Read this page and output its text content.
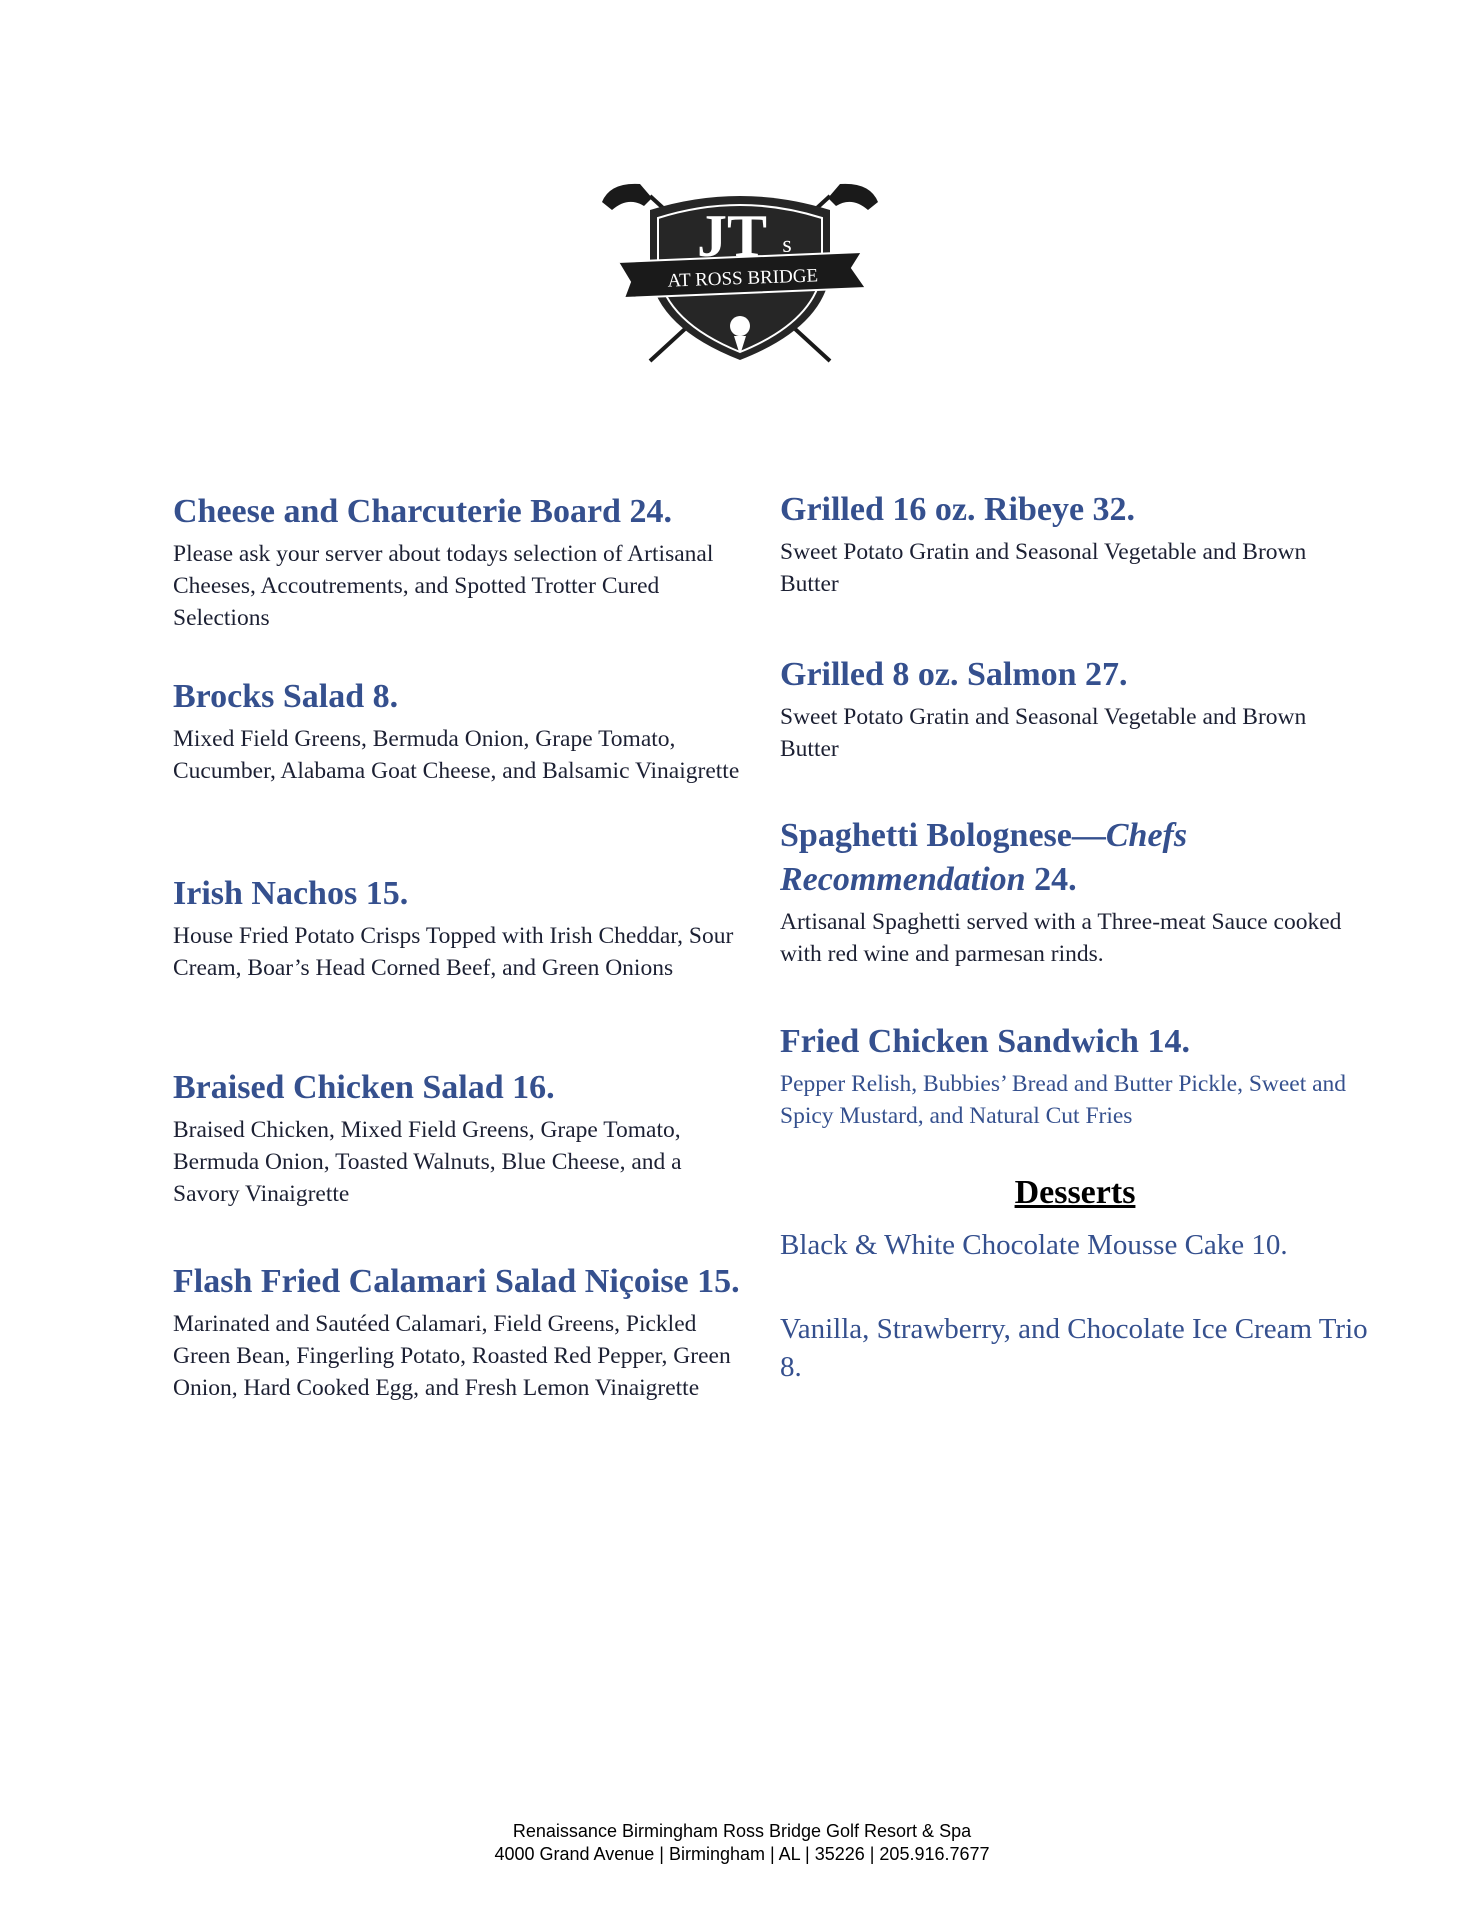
JT s
AT ROSS BRIDGE
Cheese and Charcuterie Board 24.

Please ask your server about todays selection of Artisanal Cheeses, Accoutrements, and Spotted Trotter Cured Selections

Brocks Salad 8.

Mixed Field Greens, Bermuda Onion, Grape Tomato, Cucumber, Alabama Goat Cheese, and Balsamic Vinaigrette

Irish Nachos 15.

House Fried Potato Crisps Topped with Irish Cheddar, Sour Cream, Boar’s Head Corned Beef, and Green Onions

Braised Chicken Salad 16.

Braised Chicken, Mixed Field Greens, Grape Tomato, Bermuda Onion, Toasted Walnuts, Blue Cheese, and a Savory Vinaigrette

Flash Fried Calamari Salad Niçoise 15.

Marinated and Sautéed Calamari, Field Greens, Pickled Green Bean, Fingerling Potato, Roasted Red Pepper, Green Onion, Hard Cooked Egg, and Fresh Lemon Vinaigrette

Grilled 16 oz. Ribeye 32.

Sweet Potato Gratin and Seasonal Vegetable and Brown Butter

Grilled 8 oz. Salmon 27.

Sweet Potato Gratin and Seasonal Vegetable and Brown Butter

Spaghetti Bolognese—Chefs Recommendation 24.

Artisanal Spaghetti served with a Three-meat Sauce cooked with red wine and parmesan rinds.

Fried Chicken Sandwich 14.

Pepper Relish, Bubbies’ Bread and Butter Pickle, Sweet and Spicy Mustard, and Natural Cut Fries

Desserts

Black & White Chocolate Mousse Cake 10.

Vanilla, Strawberry, and Chocolate Ice Cream Trio 8.

Renaissance Birmingham Ross Bridge Golf Resort & Spa
4000 Grand Avenue | Birmingham | AL | 35226 | 205.916.7677
